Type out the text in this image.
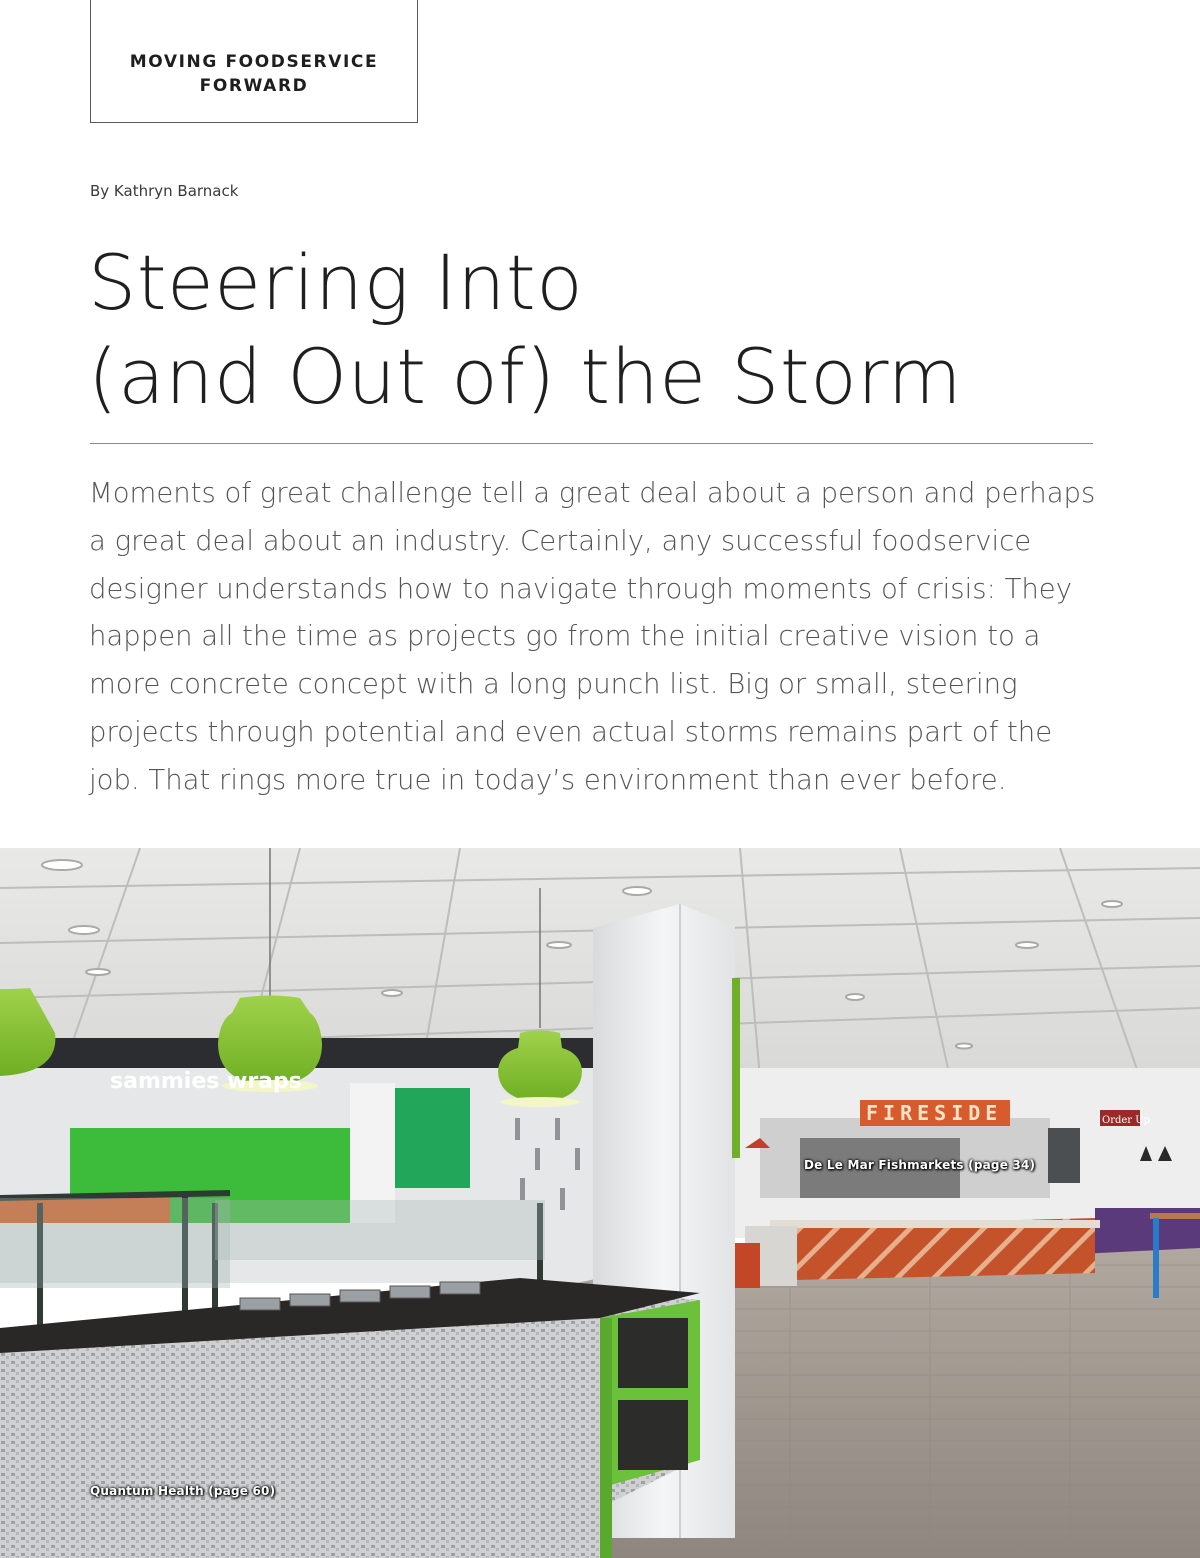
MOVING FOODSERVICE FORWARD
By Kathryn Barnack
Steering Into
(and Out of) the Storm

Moments of great challenge tell a great deal about a person and perhaps a great deal about an industry. Certainly, any successful foodservice designer understands how to navigate through moments of crisis: They happen all the time as projects go from the initial creative vision to a more concrete concept with a long punch list. Big or small, steering projects through potential and even actual storms remains part of the job. That rings more true in today’s environment than ever before.

sammies wraps
FIRESIDE	Order Up
De Le Mar Fishmarkets (page 34)
Quantum Health (page 60)
